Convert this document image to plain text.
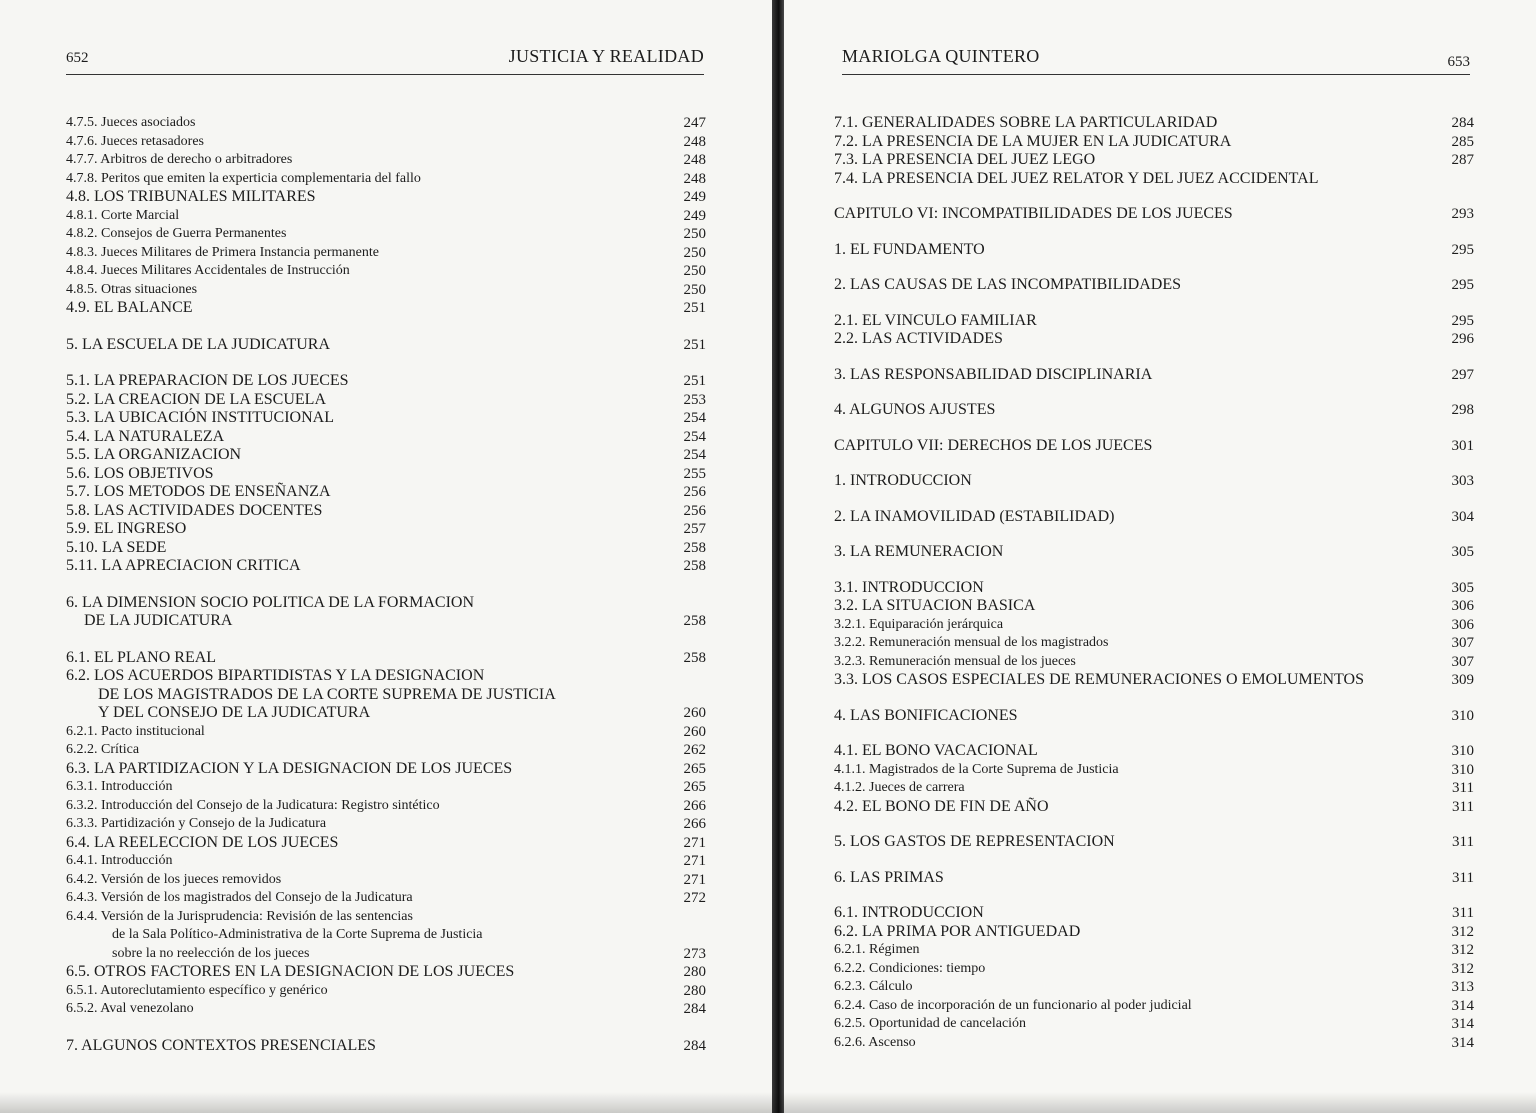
652	JUSTICIA Y REALIDAD
4.7.5. Jueces asociados	247
4.7.6. Jueces retasadores	248
4.7.7. Arbitros de derecho o arbitradores	248
4.7.8. Peritos que emiten la experticia complementaria del fallo	248
4.8. LOS TRIBUNALES MILITARES	249
4.8.1. Corte Marcial	249
4.8.2. Consejos de Guerra Permanentes	250
4.8.3. Jueces Militares de Primera Instancia permanente	250
4.8.4. Jueces Militares Accidentales de Instrucción	250
4.8.5. Otras situaciones	250
4.9. EL BALANCE	251
5. LA ESCUELA DE LA JUDICATURA	251
5.1. LA PREPARACION DE LOS JUECES	251
5.2. LA CREACION DE LA ESCUELA	253
5.3. LA UBICACIÓN INSTITUCIONAL	254
5.4. LA NATURALEZA	254
5.5. LA ORGANIZACION	254
5.6. LOS OBJETIVOS	255
5.7. LOS METODOS DE ENSEÑANZA	256
5.8. LAS ACTIVIDADES DOCENTES	256
5.9. EL INGRESO	257
5.10. LA SEDE	258
5.11. LA APRECIACION CRITICA	258
6. LA DIMENSION SOCIO POLITICA DE LA FORMACION
DE LA JUDICATURA	258
6.1. EL PLANO REAL	258
6.2. LOS ACUERDOS BIPARTIDISTAS Y LA DESIGNACION
DE LOS MAGISTRADOS DE LA CORTE SUPREMA DE JUSTICIA
Y DEL CONSEJO DE LA JUDICATURA	260
6.2.1. Pacto institucional	260
6.2.2. Crítica	262
6.3. LA PARTIDIZACION Y LA DESIGNACION DE LOS JUECES	265
6.3.1. Introducción	265
6.3.2. Introducción del Consejo de la Judicatura: Registro sintético	266
6.3.3. Partidización y Consejo de la Judicatura	266
6.4. LA REELECCION DE LOS JUECES	271
6.4.1. Introducción	271
6.4.2. Versión de los jueces removidos	271
6.4.3. Versión de los magistrados del Consejo de la Judicatura	272
6.4.4. Versión de la Jurisprudencia: Revisión de las sentencias
de la Sala Político-Administrativa de la Corte Suprema de Justicia
sobre la no reelección de los jueces	273
6.5. OTROS FACTORES EN LA DESIGNACION DE LOS JUECES	280
6.5.1. Autoreclutamiento específico y genérico	280
6.5.2. Aval venezolano	284
7. ALGUNOS CONTEXTOS PRESENCIALES	284
MARIOLGA QUINTERO	653
7.1. GENERALIDADES SOBRE LA PARTICULARIDAD	284
7.2. LA PRESENCIA DE LA MUJER EN LA JUDICATURA	285
7.3. LA PRESENCIA DEL JUEZ LEGO	287
7.4. LA PRESENCIA DEL JUEZ RELATOR Y DEL JUEZ ACCIDENTAL
CAPITULO VI: INCOMPATIBILIDADES DE LOS JUECES	293
1. EL FUNDAMENTO	295
2. LAS CAUSAS DE LAS INCOMPATIBILIDADES	295
2.1. EL VINCULO FAMILIAR	295
2.2. LAS ACTIVIDADES	296
3. LAS RESPONSABILIDAD DISCIPLINARIA	297
4. ALGUNOS AJUSTES	298
CAPITULO VII: DERECHOS DE LOS JUECES	301
1. INTRODUCCION	303
2. LA INAMOVILIDAD (ESTABILIDAD)	304
3. LA REMUNERACION	305
3.1. INTRODUCCION	305
3.2. LA SITUACION BASICA	306
3.2.1. Equiparación jerárquica	306
3.2.2. Remuneración mensual de los magistrados	307
3.2.3. Remuneración mensual de los jueces	307
3.3. LOS CASOS ESPECIALES DE REMUNERACIONES O EMOLUMENTOS	309
4. LAS BONIFICACIONES	310
4.1. EL BONO VACACIONAL	310
4.1.1. Magistrados de la Corte Suprema de Justicia	310
4.1.2. Jueces de carrera	311
4.2. EL BONO DE FIN DE AÑO	311
5. LOS GASTOS DE REPRESENTACION	311
6. LAS PRIMAS	311
6.1. INTRODUCCION	311
6.2. LA PRIMA POR ANTIGUEDAD	312
6.2.1. Régimen	312
6.2.2. Condiciones: tiempo	312
6.2.3. Cálculo	313
6.2.4. Caso de incorporación de un funcionario al poder judicial	314
6.2.5. Oportunidad de cancelación	314
6.2.6. Ascenso	314
